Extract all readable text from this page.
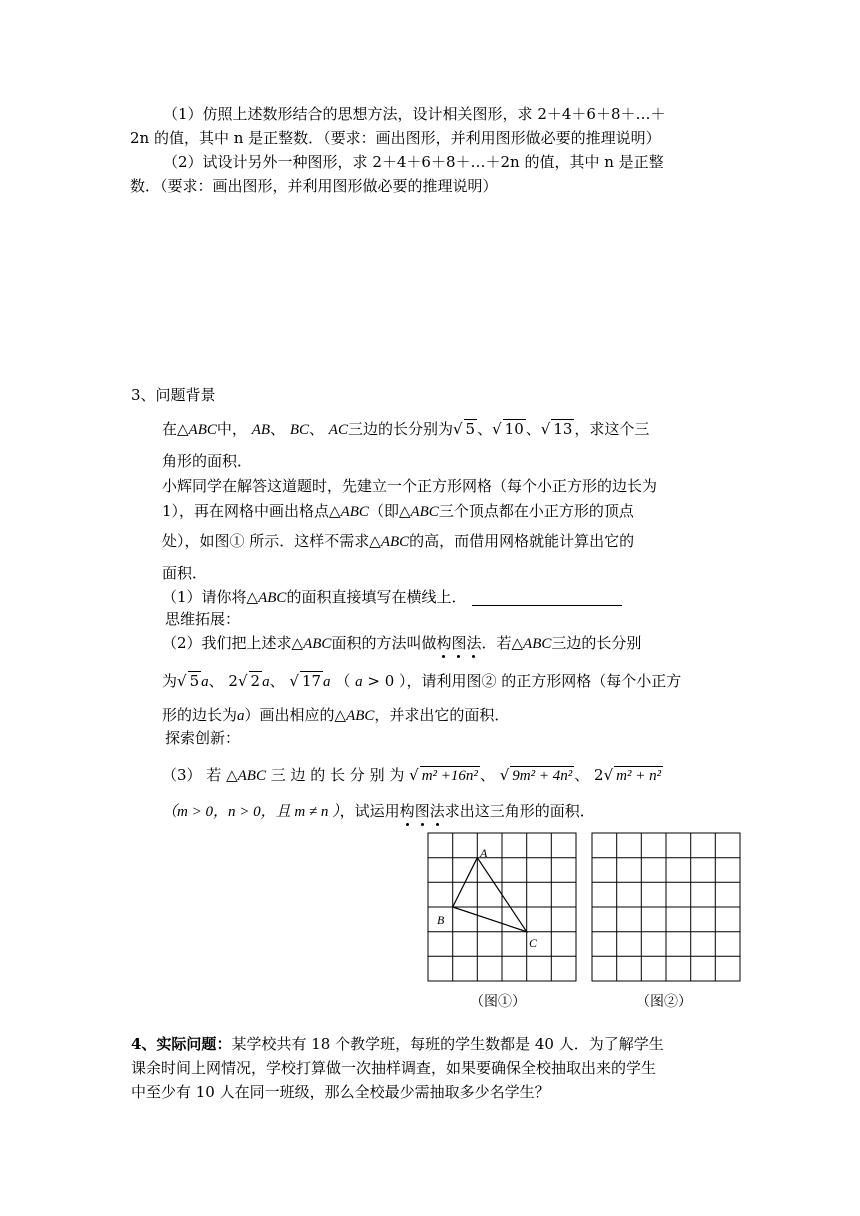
（1）仿照上述数形结合的思想方法，设计相关图形，求 2＋4＋6＋8＋…＋
2n 的值，其中 n 是正整数．（要求：画出图形，并利用图形做必要的推理说明）
（2）试设计另外一种图形，求 2＋4＋6＋8＋…＋2n 的值，其中 n 是正整
数．（要求：画出图形，并利用图形做必要的推理说明）
3、问题背景
在△ABC中， AB、 BC、 AC三边的长分别为√ 5 、√ 10 、√ 13 ，求这个三
角形的面积．
小辉同学在解答这道题时，先建立一个正方形网格（每个小正方形的边长为
1），再在网格中画出格点△ABC（即△ABC三个顶点都在小正方形的顶点
处），如图① 所示．这样不需求△ABC的高，而借用网格就能计算出它的
面积．
（1）请你将△ABC的面积直接填写在横线上．
思维拓展：
（2）我们把上述求△ABC面积的方法叫做构图法．若△ABC三边的长分别
为√ 5 a、 2√ 2 a、 √ 17 a （ a > 0 ），请利用图② 的正方形网格（每个小正方
形的边长为a）画出相应的△ABC，并求出它的面积．
探索创新：
（3） 若 △ABC 三 边 的 长 分 别 为 √ m² +16n² 、 √ 9m² + 4n² 、 2√ m² + n²
（m > 0，n > 0，且 m ≠ n ），试运用构图法求出这三角形的面积．
A
B
C
（图①）	（图②）
4、实际问题：某学校共有 18 个教学班，每班的学生数都是 40 人．为了解学生
课余时间上网情况，学校打算做一次抽样调查，如果要确保全校抽取出来的学生
中至少有 10 人在同一班级，那么全校最少需抽取多少名学生？
